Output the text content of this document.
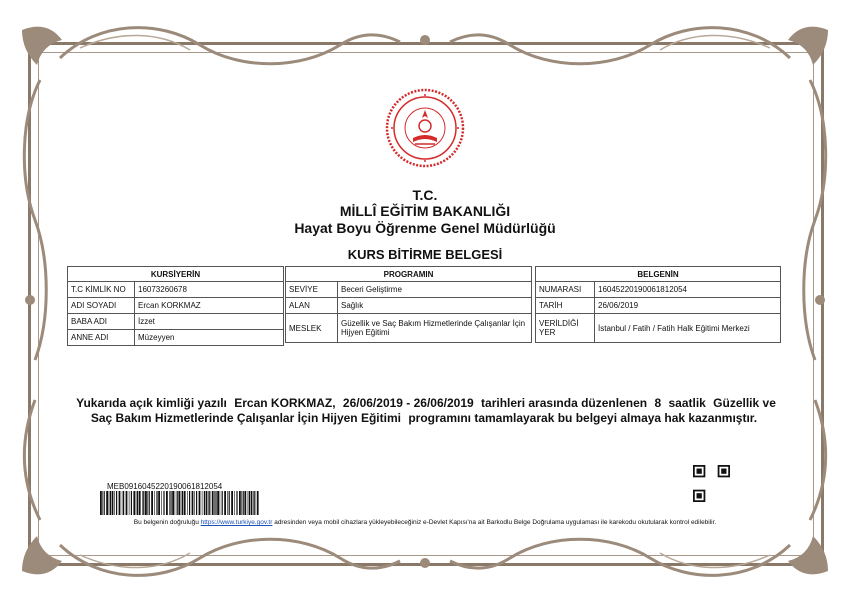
T.C.
MİLLÎ EĞİTİM BAKANLIĞI
Hayat Boyu Öğrenme Genel Müdürlüğü
KURS BİTİRME BELGESİ
KURSİYERİN	
T.C KİMLİK NO	16073260678
ADI SOYADI	Ercan KORKMAZ
BABA ADI	İzzet
ANNE ADI	Müzeyyen
PROGRAMIN	
SEVİYE	Beceri Geliştirme
ALAN	Sağlık
MESLEK	Güzellik ve Saç Bakım Hizmetlerinde Çalışanlar İçin Hijyen Eğitimi
BELGENİN	
NUMARASI	16045220190061812054
TARİH	26/06/2019
VERİLDİĞİ YER	İstanbul / Fatih / Fatih Halk Eğitimi Merkezi
Yukarıda açık kimliği yazılı Ercan KORKMAZ, 26/06/2019 - 26/06/2019 tarihleri arasında düzenlenen 8 saatlik Güzellik ve Saç Bakım Hizmetlerinde Çalışanlar İçin Hijyen Eğitimi programını tamamlayarak bu belgeyi almaya hak kazanmıştır.
MEB0916045220190061812054
Bu belgenin doğruluğu https://www.turkiye.gov.tr adresinden veya mobil cihazlara yükleyebileceğiniz e-Devlet Kapısı'na ait Barkodlu Belge Doğrulama uygulaması ile karekodu okutularak kontrol edilebilir.
